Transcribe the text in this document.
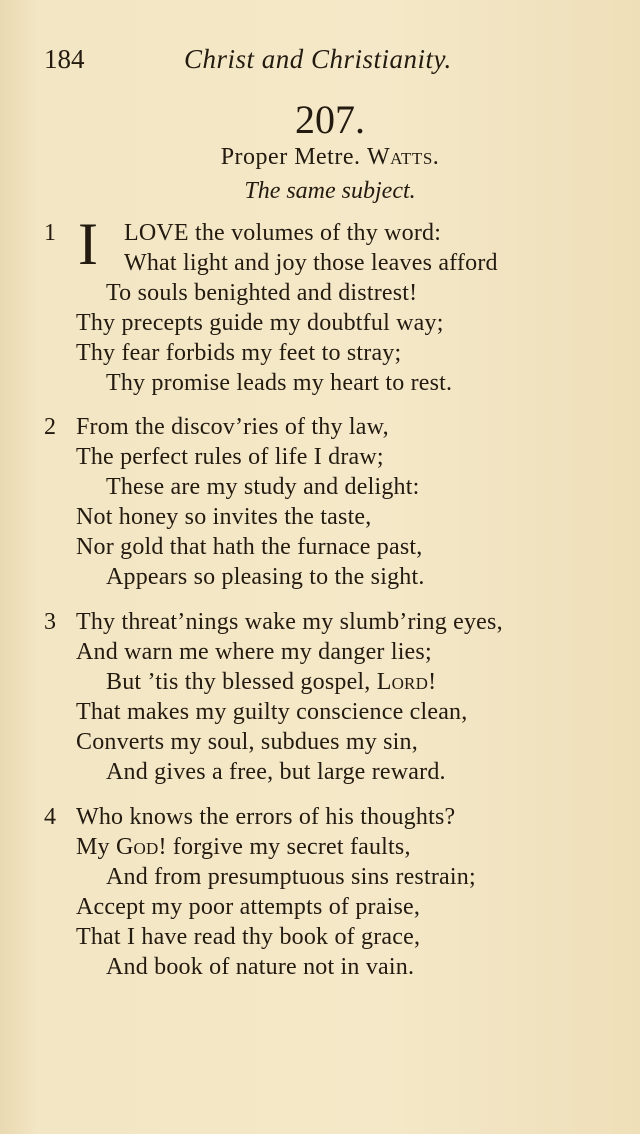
184	Christ and Christianity.
207.
Proper Metre. Watts.
The same subject.
1 I LOVE the volumes of thy word:
What light and joy those leaves afford
To souls benighted and distrest!
Thy precepts guide my doubtful way;
Thy fear forbids my feet to stray;
Thy promise leads my heart to rest.
2 From the discov’ries of thy law,
The perfect rules of life I draw;
These are my study and delight:
Not honey so invites the taste,
Nor gold that hath the furnace past,
Appears so pleasing to the sight.
3 Thy threat’nings wake my slumb’ring eyes,
And warn me where my danger lies;
But ’tis thy blessed gospel, Lord!
That makes my guilty conscience clean,
Converts my soul, subdues my sin,
And gives a free, but large reward.
4 Who knows the errors of his thoughts?
My God! forgive my secret faults,
And from presumptuous sins restrain;
Accept my poor attempts of praise,
That I have read thy book of grace,
And book of nature not in vain.
